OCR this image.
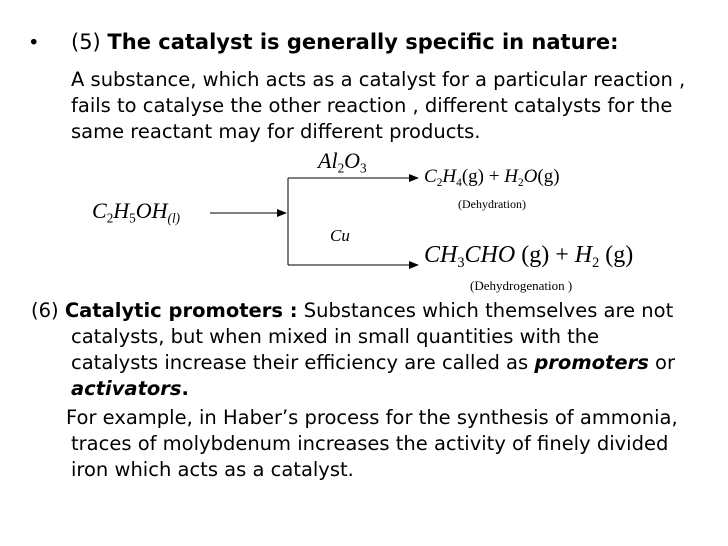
• (5) The catalyst is generally specific in nature:
A substance, which acts as a catalyst for a particular reaction ,
fails to catalyse the other reaction , different catalysts for the
same reactant may for different products.
$C_2H_5OH_{(l)}$
$Al_2O_3$
Cu
$C_2H_4(g) + H_2O(g)$
(Dehydration)
$CH_3CHO$ $(g) + H_2$ (g)
(Dehydrogenation )
(6) Catalytic promoters : Substances which themselves are not
catalysts, but when mixed in small quantities with the
catalysts increase their efficiency are called as promoters or
activators.
For example, in Haber’s process for the synthesis of ammonia,
traces of molybdenum increases the activity of finely divided
iron which acts as a catalyst.
